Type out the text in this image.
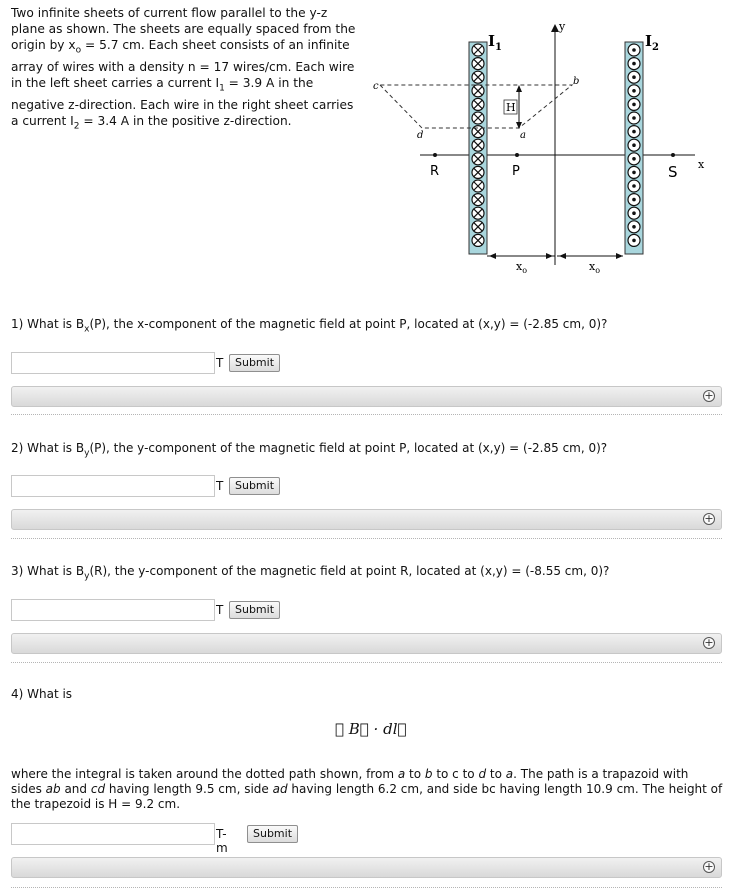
Two infinite sheets of current flow parallel to the y-z plane as shown. The sheets are equally spaced from the origin by $x_o = 5.7$ cm. Each sheet consists of an infinite array of wires with a density n = 17 wires/cm. Each wire in the left sheet carries a current $I_1 = 3.9$ A in the negative z-direction. Each wire in the right sheet carries a current $I_2 = 3.4$ A in the positive z-direction.
y
x
$I_1$	$I_2$
c	b
d	a
H
R	P	S
$x_o$	$x_o$
1) What is $B_x(P)$, the x-component of the magnetic field at point P, located at (x,y) = (-2.85 cm, 0)?
T	Submit
+
2) What is $B_y(P)$, the y-component of the magnetic field at point P, located at (x,y) = (-2.85 cm, 0)?
T	Submit
+
3) What is $B_y(R)$, the y-component of the magnetic field at point R, located at (x,y) = (-8.55 cm, 0)?
T	Submit
+
4) What is
∮ B⃗ · dl⃗
where the integral is taken around the dotted path shown, from a to b to c to d to a. The path is a trapazoid with sides ab and cd having length 9.5 cm, side ad having length 6.2 cm, and side bc having length 10.9 cm. The height of the trapezoid is H = 9.2 cm.
T-m
Submit
+
